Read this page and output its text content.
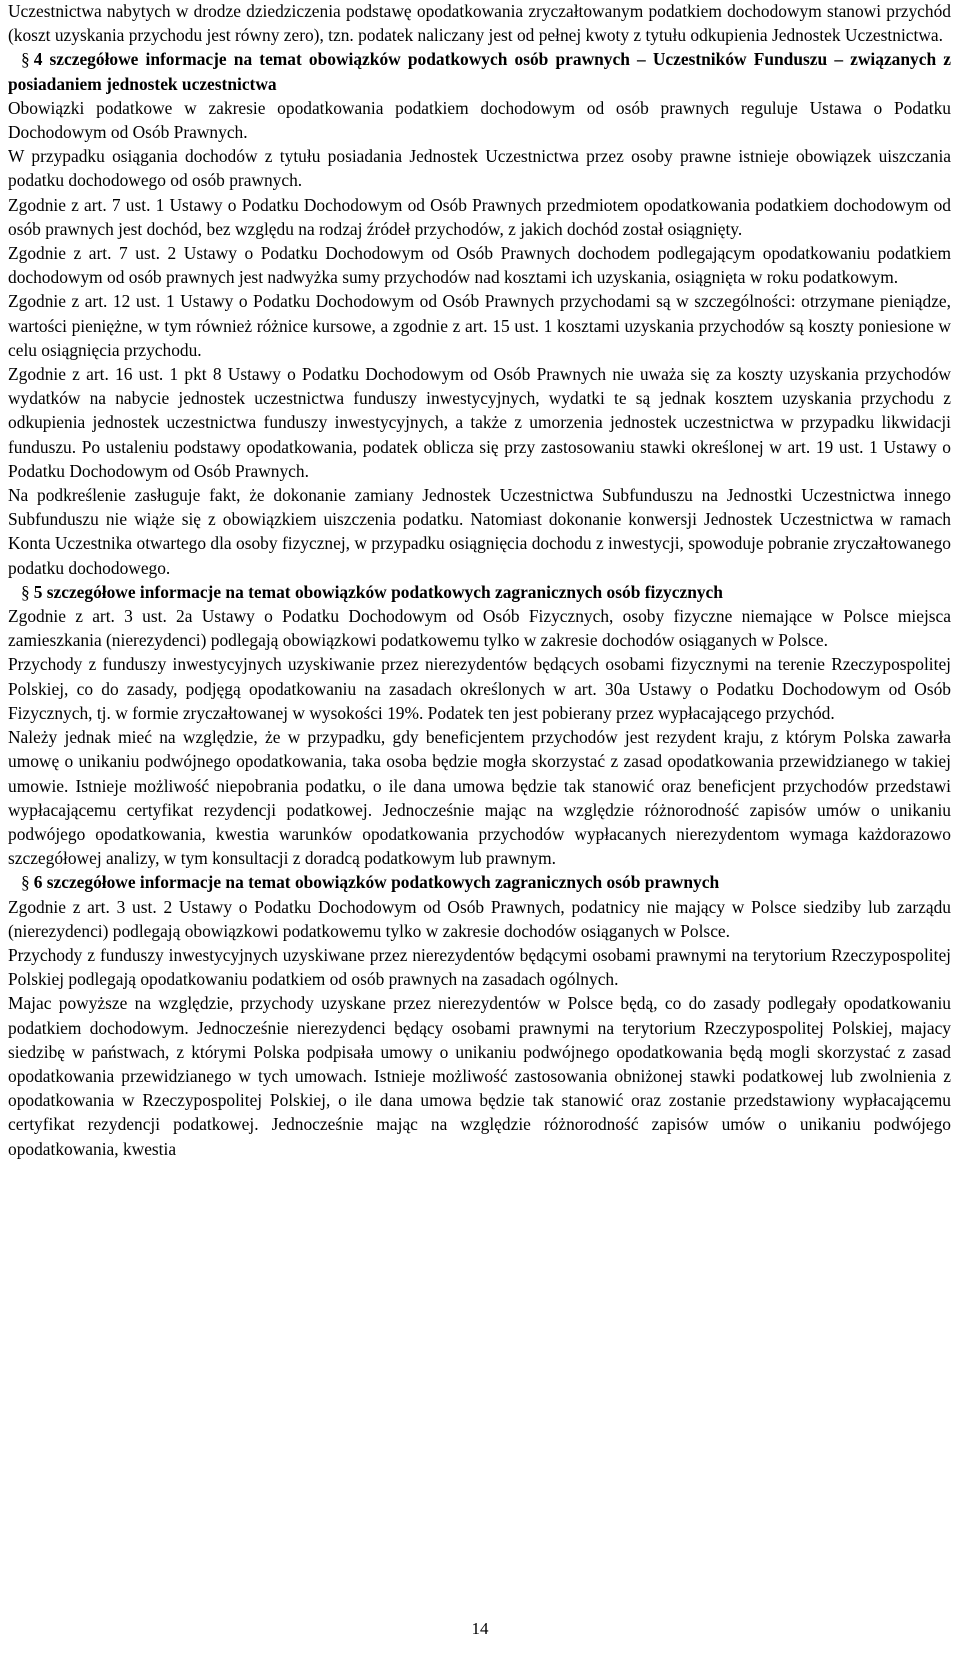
Uczestnictwa nabytych w drodze dziedziczenia podstawę opodatkowania zryczałtowanym podatkiem dochodowym stanowi przychód (koszt uzyskania przychodu jest równy zero), tzn. podatek naliczany jest od pełnej kwoty z tytułu odkupienia Jednostek Uczestnictwa.

§ 4 szczegółowe informacje na temat obowiązków podatkowych osób prawnych – Uczestników Funduszu – związanych z posiadaniem jednostek uczestnictwa

Obowiązki podatkowe w zakresie opodatkowania podatkiem dochodowym od osób prawnych reguluje Ustawa o Podatku Dochodowym od Osób Prawnych.

W przypadku osiągania dochodów z tytułu posiadania Jednostek Uczestnictwa przez osoby prawne istnieje obowiązek uiszczania podatku dochodowego od osób prawnych.

Zgodnie z art. 7 ust. 1 Ustawy o Podatku Dochodowym od Osób Prawnych przedmiotem opodatkowania podatkiem dochodowym od osób prawnych jest dochód, bez względu na rodzaj źródeł przychodów, z jakich dochód został osiągnięty.

Zgodnie z art. 7 ust. 2 Ustawy o Podatku Dochodowym od Osób Prawnych dochodem podlegającym opodatkowaniu podatkiem dochodowym od osób prawnych jest nadwyżka sumy przychodów nad kosztami ich uzyskania, osiągnięta w roku podatkowym.

Zgodnie z art. 12 ust. 1 Ustawy o Podatku Dochodowym od Osób Prawnych przychodami są w szczególności: otrzymane pieniądze, wartości pieniężne, w tym również różnice kursowe, a zgodnie z art. 15 ust. 1 kosztami uzyskania przychodów są koszty poniesione w celu osiągnięcia przychodu.

Zgodnie z art. 16 ust. 1 pkt 8 Ustawy o Podatku Dochodowym od Osób Prawnych nie uważa się za koszty uzyskania przychodów wydatków na nabycie jednostek uczestnictwa funduszy inwestycyjnych, wydatki te są jednak kosztem uzyskania przychodu z odkupienia jednostek uczestnictwa funduszy inwestycyjnych, a także z umorzenia jednostek uczestnictwa w przypadku likwidacji funduszu. Po ustaleniu podstawy opodatkowania, podatek oblicza się przy zastosowaniu stawki określonej w art. 19 ust. 1 Ustawy o Podatku Dochodowym od Osób Prawnych.

Na podkreślenie zasługuje fakt, że dokonanie zamiany Jednostek Uczestnictwa Subfunduszu na Jednostki Uczestnictwa innego Subfunduszu nie wiąże się z obowiązkiem uiszczenia podatku. Natomiast dokonanie konwersji Jednostek Uczestnictwa w ramach Konta Uczestnika otwartego dla osoby fizycznej, w przypadku osiągnięcia dochodu z inwestycji, spowoduje pobranie zryczałtowanego podatku dochodowego.

§ 5 szczegółowe informacje na temat obowiązków podatkowych zagranicznych osób fizycznych

Zgodnie z art. 3 ust. 2a Ustawy o Podatku Dochodowym od Osób Fizycznych, osoby fizyczne niemające w Polsce miejsca zamieszkania (nierezydenci) podlegają obowiązkowi podatkowemu tylko w zakresie dochodów osiąganych w Polsce.

Przychody z funduszy inwestycyjnych uzyskiwanie przez nierezydentów będących osobami fizycznymi na terenie Rzeczypospolitej Polskiej, co do zasady, podjęgą opodatkowaniu na zasadach określonych w art. 30a Ustawy o Podatku Dochodowym od Osób Fizycznych, tj. w formie zryczałtowanej w wysokości 19%. Podatek ten jest pobierany przez wypłacającego przychód.

Należy jednak mieć na względzie, że w przypadku, gdy beneficjentem przychodów jest rezydent kraju, z którym Polska zawarła umowę o unikaniu podwójnego opodatkowania, taka osoba będzie mogła skorzystać z zasad opodatkowania przewidzianego w takiej umowie. Istnieje możliwość niepobrania podatku, o ile dana umowa będzie tak stanowić oraz beneficjent przychodów przedstawi wypłacającemu certyfikat rezydencji podatkowej. Jednocześnie mając na względzie różnorodność zapisów umów o unikaniu podwójego opodatkowania, kwestia warunków opodatkowania przychodów wypłacanych nierezydentom wymaga każdorazowo szczegółowej analizy, w tym konsultacji z doradcą podatkowym lub prawnym.

§ 6 szczegółowe informacje na temat obowiązków podatkowych zagranicznych osób prawnych

Zgodnie z art. 3 ust. 2 Ustawy o Podatku Dochodowym od Osób Prawnych, podatnicy nie mający w Polsce siedziby lub zarządu (nierezydenci) podlegają obowiązkowi podatkowemu tylko w zakresie dochodów osiąganych w Polsce.

Przychody z funduszy inwestycyjnych uzyskiwane przez nierezydentów będącymi osobami prawnymi na terytorium Rzeczypospolitej Polskiej podlegają opodatkowaniu podatkiem od osób prawnych na zasadach ogólnych.

Majac powyższe na względzie, przychody uzyskane przez nierezydentów w Polsce będą, co do zasady podlegały opodatkowaniu podatkiem dochodowym. Jednocześnie nierezydenci będący osobami prawnymi na terytorium Rzeczypospolitej Polskiej, majacy siedzibę w państwach, z którymi Polska podpisała umowy o unikaniu podwójnego opodatkowania będą mogli skorzystać z zasad opodatkowania przewidzianego w tych umowach. Istnieje możliwość zastosowania obniżonej stawki podatkowej lub zwolnienia z opodatkowania w Rzeczypospolitej Polskiej, o ile dana umowa będzie tak stanowić oraz zostanie przedstawiony wypłacającemu certyfikat rezydencji podatkowej. Jednocześnie mając na względzie różnorodność zapisów umów o unikaniu podwójego opodatkowania, kwestia

14
